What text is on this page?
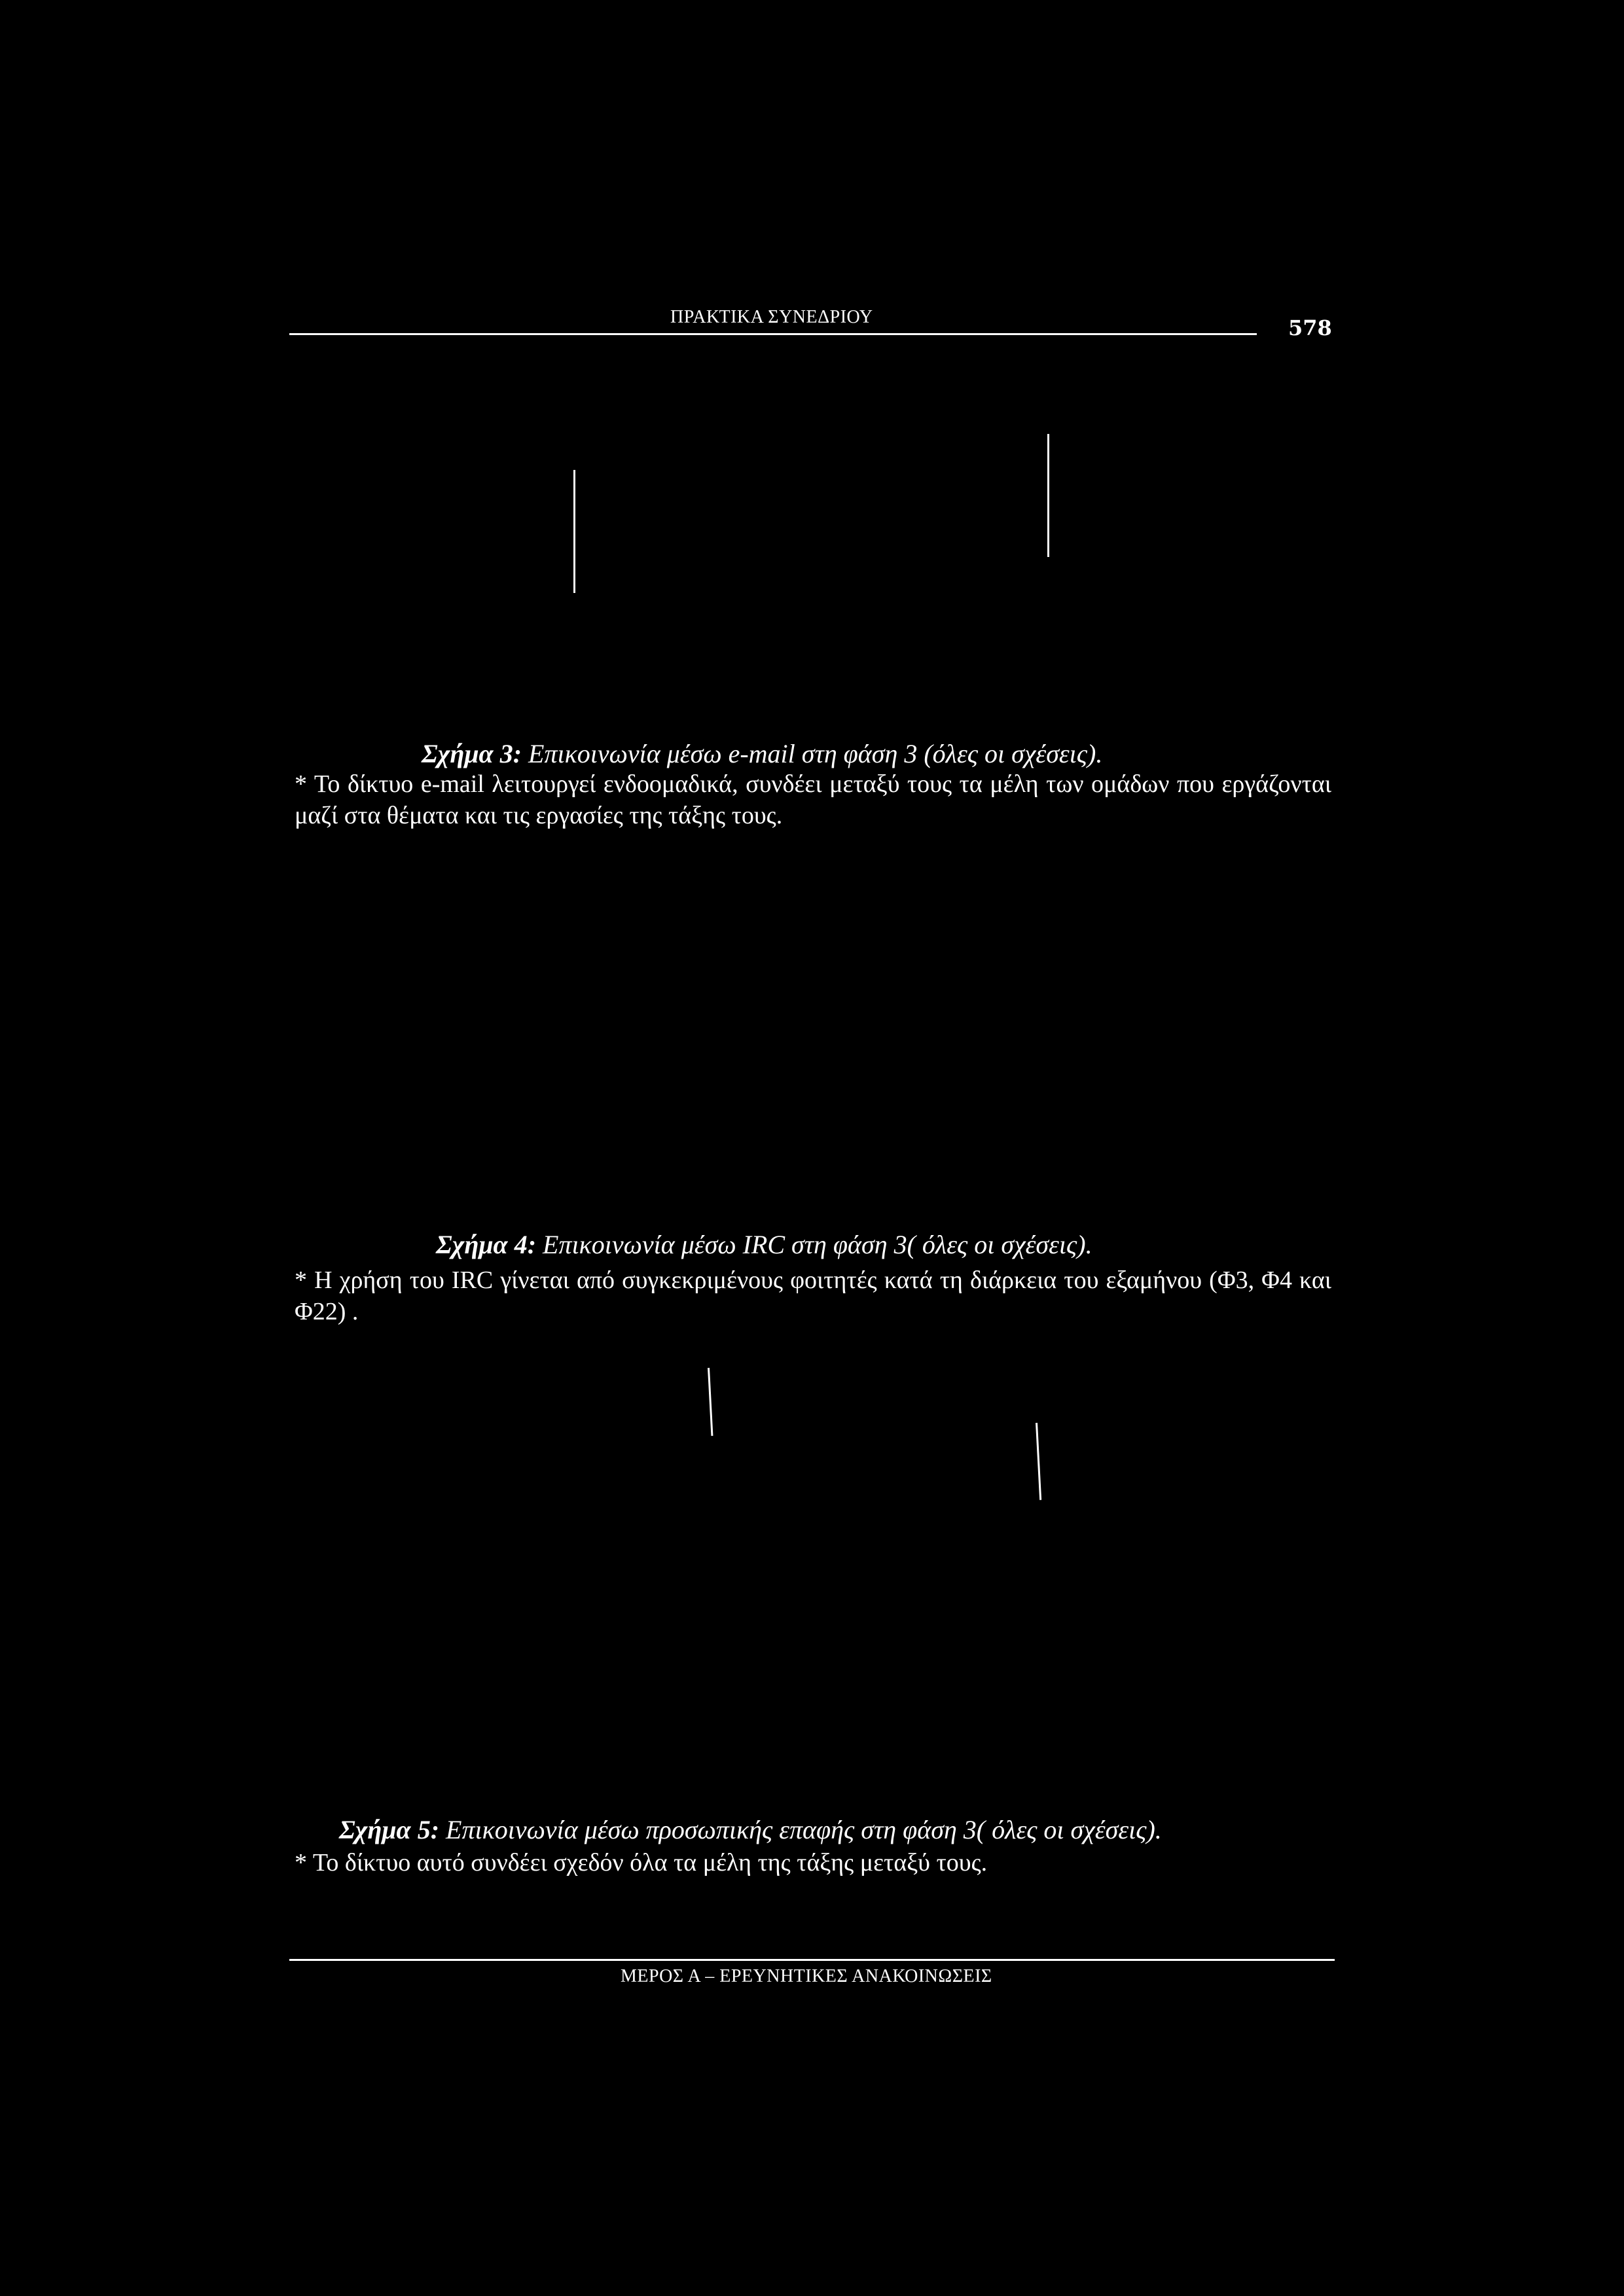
ΠΡΑΚΤΙΚΑ ΣΥΝΕΔΡΙΟΥ	578
Σχήμα 3: Επικοινωνία μέσω e-mail στη φάση 3 (όλες οι σχέσεις).
* Το δίκτυο e-mail λειτουργεί ενδοομαδικά, συνδέει μεταξύ τους τα μέλη των ομάδων που εργάζονται μαζί στα θέματα και τις εργασίες της τάξης τους.
Σχήμα 4: Επικοινωνία μέσω IRC στη φάση 3( όλες οι σχέσεις).
* Η χρήση του IRC γίνεται από συγκεκριμένους φοιτητές κατά τη διάρκεια του εξαμήνου (Φ3, Φ4 και Φ22) .
Σχήμα 5: Επικοινωνία μέσω προσωπικής επαφής στη φάση 3( όλες οι σχέσεις).
* Το δίκτυο αυτό συνδέει σχεδόν όλα τα μέλη της τάξης μεταξύ τους.
ΜΕΡΟΣ Α – ΕΡΕΥΝΗΤΙΚΕΣ ΑΝΑΚΟΙΝΩΣΕΙΣ
